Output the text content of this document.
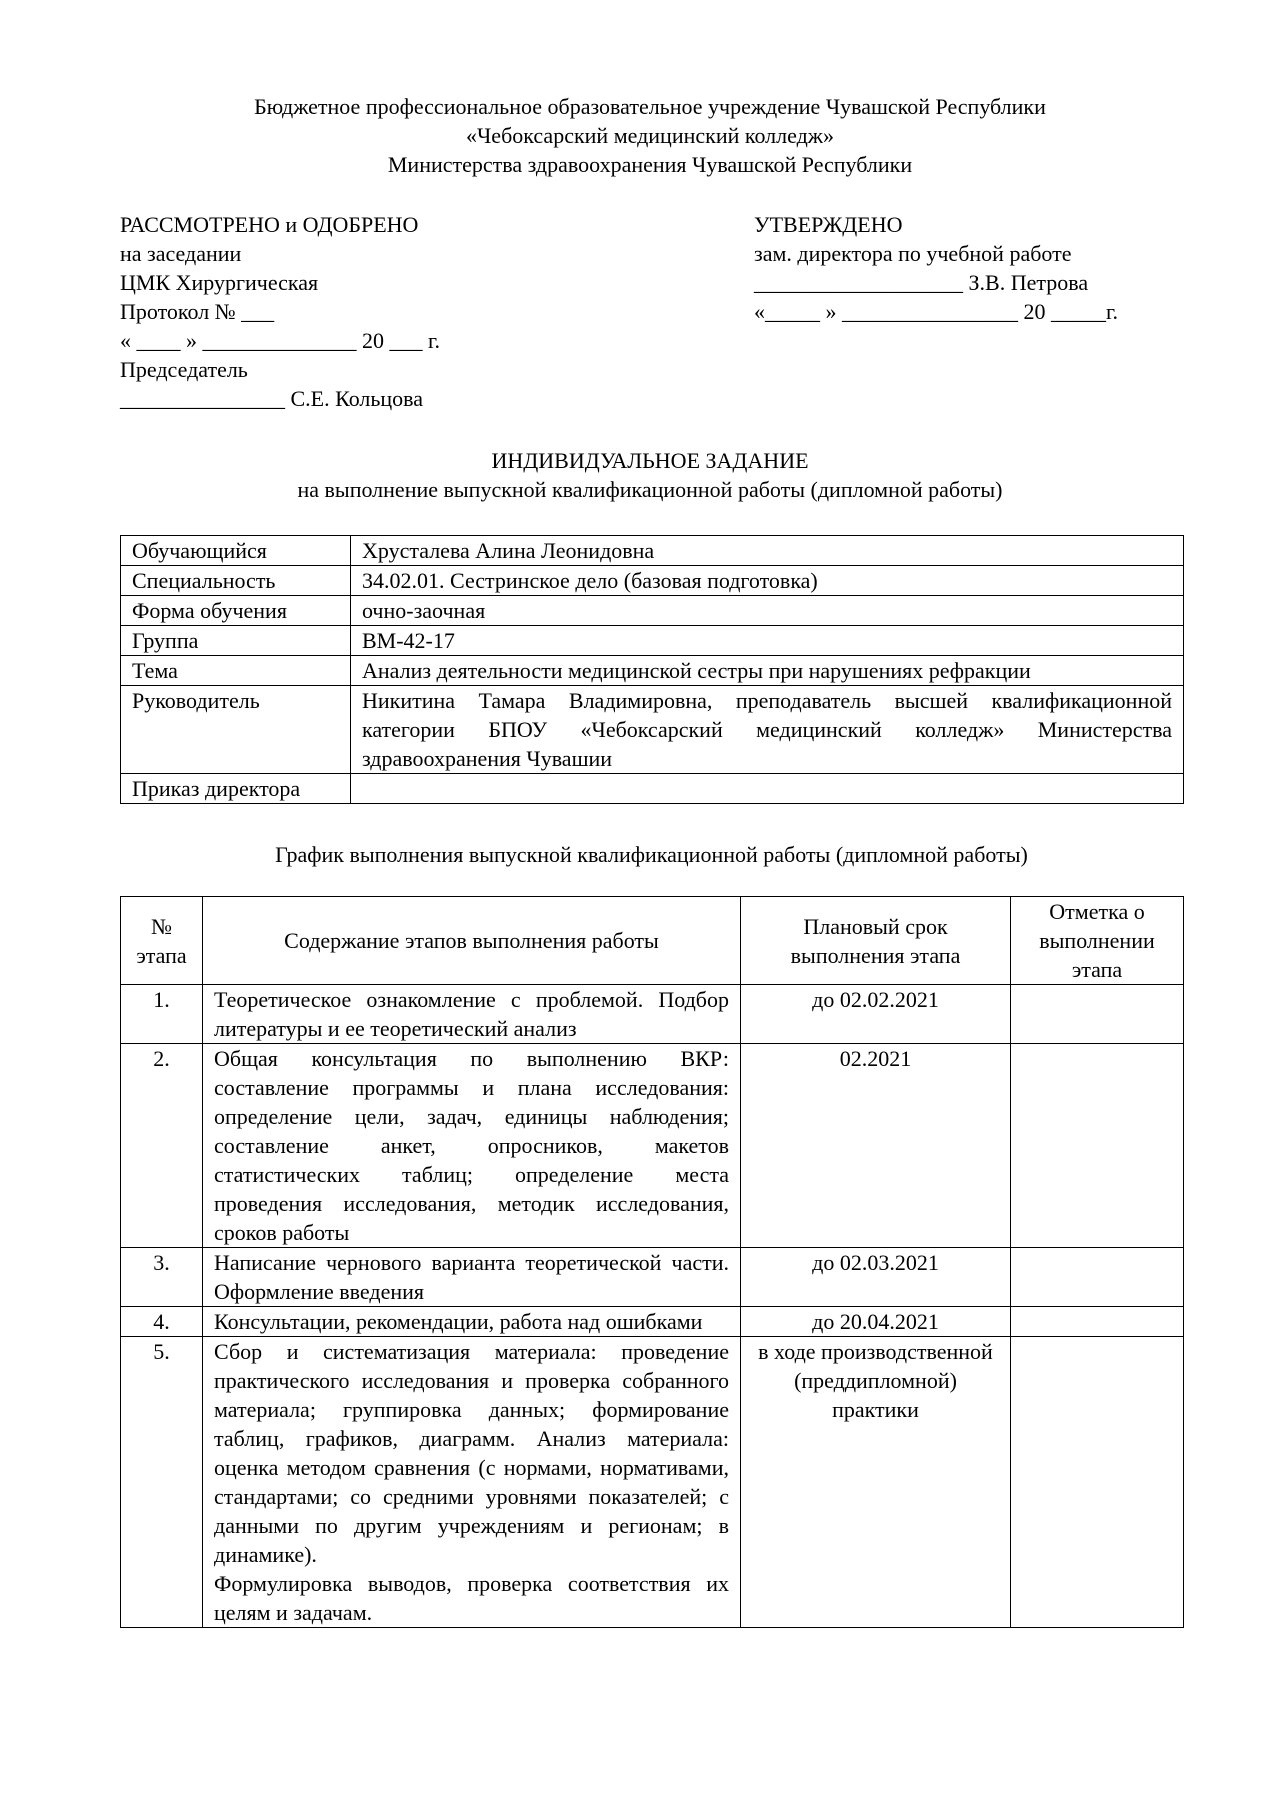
Бюджетное профессиональное образовательное учреждение Чувашской Республики
«Чебоксарский медицинский колледж»
Министерства здравоохранения Чувашской Республики
РАССМОТРЕНО и ОДОБРЕНО
на заседании
ЦМК Хирургическая
Протокол № ___
« ____ » ______________ 20 ___ г.
Председатель
_______________ С.Е. Кольцова
УТВЕРЖДЕНО
зам. директора по учебной работе
___________________ З.В. Петрова
«_____ » ________________ 20 _____г.
ИНДИВИДУАЛЬНОЕ ЗАДАНИЕ
на выполнение выпускной квалификационной работы (дипломной работы)
Обучающийся	Хрусталева Алина Леонидовна
Специальность	34.02.01. Сестринское дело (базовая подготовка)
Форма обучения	очно-заочная
Группа	ВМ-42-17
Тема	Анализ деятельности медицинской сестры при нарушениях рефракции
Руководитель	Никитина Тамара Владимировна, преподаватель высшей квалификационной категории БПОУ «Чебоксарский медицинский колледж» Министерства здравоохранения Чувашии
Приказ директора	
График выполнения выпускной квалификационной работы (дипломной работы)
№ этапа	Содержание этапов выполнения работы	Плановый срок выполнения этапа	Отметка о выполнении этапа
1.	Теоретическое ознакомление с проблемой. Подбор литературы и ее теоретический анализ	до 02.02.2021	
2.	Общая консультация по выполнению ВКР: составление программы и плана исследования: определение цели, задач, единицы наблюдения; составление анкет, опросников, макетов статистических таблиц; определение места проведения исследования, методик исследования, сроков работы	02.2021	
3.	Написание чернового варианта теоретической части. Оформление введения	до 02.03.2021	
4.	Консультации, рекомендации, работа над ошибками	до 20.04.2021	
5.	Сбор и систематизация материала: проведение практического исследования и проверка собранного материала; группировка данных; формирование таблиц, графиков, диаграмм. Анализ материала: оценка методом сравнения (с нормами, нормативами, стандартами; со средними уровнями показателей; с данными по другим учреждениям и регионам; в динамике).
Формулировка выводов, проверка соответствия их целям и задачам.	в ходе производственной (преддипломной) практики	
